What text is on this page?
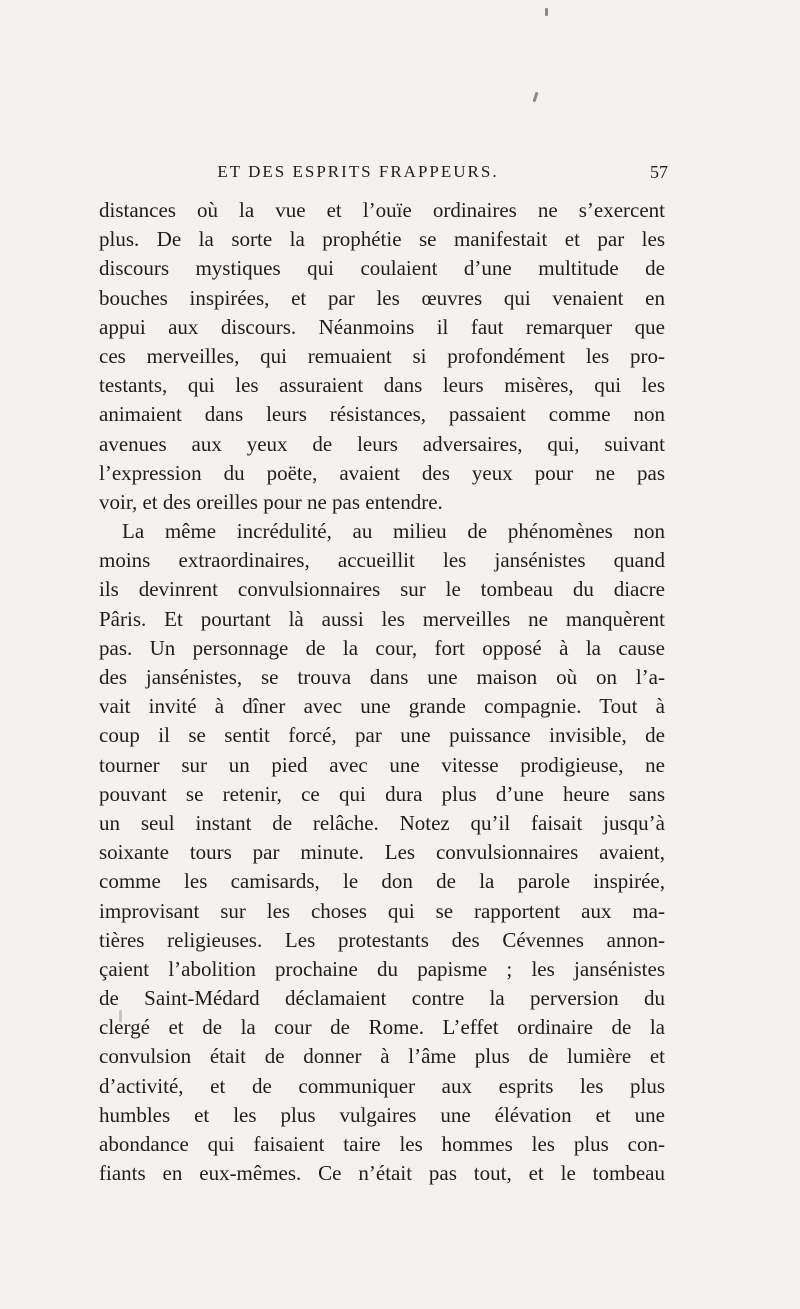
ET DES ESPRITS FRAPPEURS.	57
distances où la vue et l’ouïe ordinaires ne s’exercent
plus. De la sorte la prophétie se manifestait et par les
discours mystiques qui coulaient d’une multitude de
bouches inspirées, et par les œuvres qui venaient en
appui aux discours. Néanmoins il faut remarquer que
ces merveilles, qui remuaient si profondément les pro-
testants, qui les assuraient dans leurs misères, qui les
animaient dans leurs résistances, passaient comme non
avenues aux yeux de leurs adversaires, qui, suivant
l’expression du poëte, avaient des yeux pour ne pas
voir, et des oreilles pour ne pas entendre.
La même incrédulité, au milieu de phénomènes non
moins extraordinaires, accueillit les jansénistes quand
ils devinrent convulsionnaires sur le tombeau du diacre
Pâris. Et pourtant là aussi les merveilles ne manquèrent
pas. Un personnage de la cour, fort opposé à la cause
des jansénistes, se trouva dans une maison où on l’a-
vait invité à dîner avec une grande compagnie. Tout à
coup il se sentit forcé, par une puissance invisible, de
tourner sur un pied avec une vitesse prodigieuse, ne
pouvant se retenir, ce qui dura plus d’une heure sans
un seul instant de relâche. Notez qu’il faisait jusqu’à
soixante tours par minute. Les convulsionnaires avaient,
comme les camisards, le don de la parole inspirée,
improvisant sur les choses qui se rapportent aux ma-
tières religieuses. Les protestants des Cévennes annon-
çaient l’abolition prochaine du papisme ; les jansénistes
de Saint-Médard déclamaient contre la perversion du
clergé et de la cour de Rome. L’effet ordinaire de la
convulsion était de donner à l’âme plus de lumière et
d’activité, et de communiquer aux esprits les plus
humbles et les plus vulgaires une élévation et une
abondance qui faisaient taire les hommes les plus con-
fiants en eux-mêmes. Ce n’était pas tout, et le tombeau
